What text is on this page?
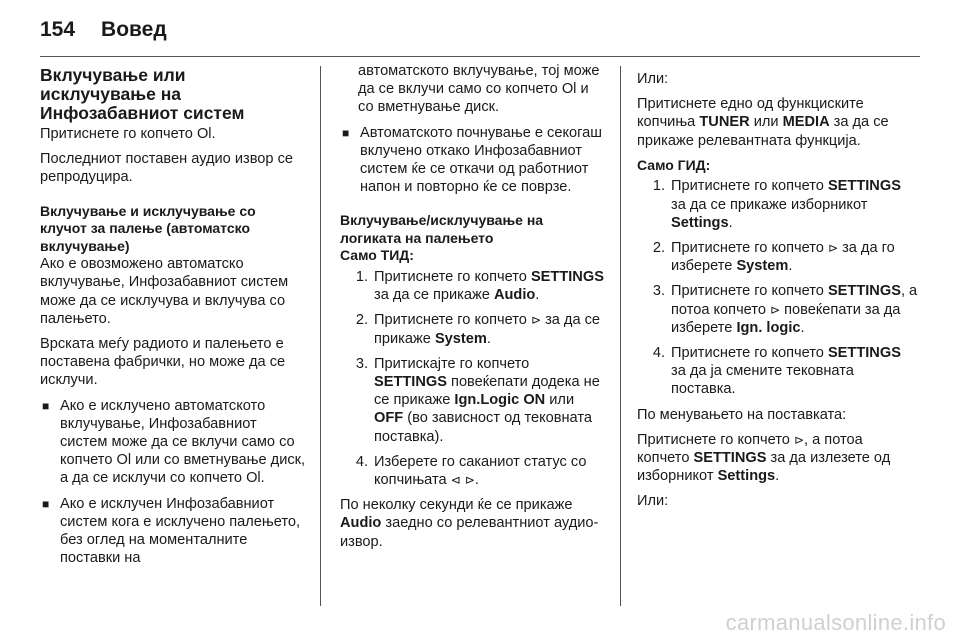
154 Вовед
Вклучување или исклучување на Инфозабавниот систем

Притиснете го копчето Ol.

Последниот поставен аудио извор се репродуцира.

Вклучување и исклучување со клучот за палење (автоматско вклучување)

Ако е овозможено автоматско вклучување, Инфозабавниот систем може да се исклучува и вклучува со палењето.

Врската меѓу радиото и палењето е поставена фабрички, но може да се исклучи.

■ Ако е исклучено автоматското вклучување, Инфозабавниот систем може да се вклучи само со копчето Ol или со вметнување диск, а да се исклучи со копчето Ol.
■ Ако е исклучен Инфозабавниот систем кога е исклучено палењето, без оглед на моменталните поставки на
автоматското вклучување, тој може да се вклучи само со копчето Ol и со вметнување диск.
■ Автоматското почнување е секогаш вклучено откако Инфозабавниот систем ќе се откачи од работниот напон и повторно ќе се поврзе.
Вклучување/исклучување на логиката на палењето
Само ТИД:
1. Притиснете го копчето SETTINGS за да се прикаже Audio.
2. Притиснете го копчето ⊳ за да се прикаже System.
3. Притискајте го копчето SETTINGS повеќепати додека не се прикаже Ign.Logic ON или OFF (во зависност од тековната поставка).
4. Изберете го саканиот статус со копчињата ⊲ ⊳.

По неколку секунди ќе се прикаже Audio заедно со релевантниот аудио-извор.

Или:

Притиснете едно од функциските копчиња TUNER или MEDIA за да се прикаже релевантната функција.

Само ГИД:
1. Притиснете го копчето SETTINGS за да се прикаже изборникот Settings.
2. Притиснете го копчето ⊳ за да го изберете System.
3. Притиснете го копчето SETTINGS, а потоа копчето ⊳ повеќепати за да изберете Ign. logic.
4. Притиснете го копчето SETTINGS за да ја смените тековната поставка.

По менувањето на поставката:

Притиснете го копчето ⊳, а потоа копчето SETTINGS за да излезете од изборникот Settings.

Или:

carmanualsonline.info
